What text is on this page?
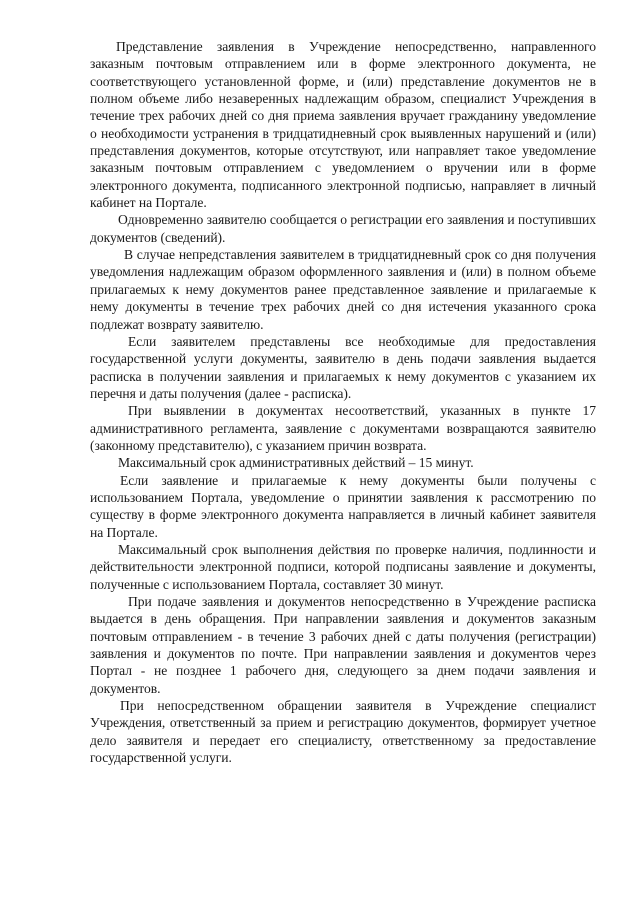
Представление заявления в Учреждение непосредственно, направленного заказным почтовым отправлением или в форме электронного документа, не соответствующего установленной форме, и (или) представление документов не в полном объеме либо незаверенных надлежащим образом, специалист Учреждения в течение трех рабочих дней со дня приема заявления вручает гражданину уведомление о необходимости устранения в тридцатидневный срок выявленных нарушений и (или) представления документов, которые отсутствуют, или направляет такое уведомление заказным почтовым отправлением с уведомлением о вручении или в форме электронного документа, подписанного электронной подписью, направляет в личный кабинет на Портале.

Одновременно заявителю сообщается о регистрации его заявления и поступивших документов (сведений).

В случае непредставления заявителем в тридцатидневный срок со дня получения уведомления надлежащим образом оформленного заявления и (или) в полном объеме прилагаемых к нему документов ранее представленное заявление и прилагаемые к нему документы в течение трех рабочих дней со дня истечения указанного срока подлежат возврату заявителю.

Если заявителем представлены все необходимые для предоставления государственной услуги документы, заявителю в день подачи заявления выдается расписка в получении заявления и прилагаемых к нему документов с указанием их перечня и даты получения (далее - расписка).

При выявлении в документах несоответствий, указанных в пункте 17 административного регламента, заявление с документами возвращаются заявителю (законному представителю), с указанием причин возврата.

Максимальный срок административных действий – 15 минут.

Если заявление и прилагаемые к нему документы были получены с использованием Портала, уведомление о принятии заявления к рассмотрению по существу в форме электронного документа направляется в личный кабинет заявителя на Портале.

Максимальный срок выполнения действия по проверке наличия, подлинности и действительности электронной подписи, которой подписаны заявление и документы, полученные с использованием Портала, составляет 30 минут.

При подаче заявления и документов непосредственно в Учреждение расписка выдается в день обращения. При направлении заявления и документов заказным почтовым отправлением - в течение 3 рабочих дней с даты получения (регистрации) заявления и документов по почте. При направлении заявления и документов через Портал - не позднее 1 рабочего дня, следующего за днем подачи заявления и документов.

При непосредственном обращении заявителя в Учреждение специалист Учреждения, ответственный за прием и регистрацию документов, формирует учетное дело заявителя и передает его специалисту, ответственному за предоставление государственной услуги.
